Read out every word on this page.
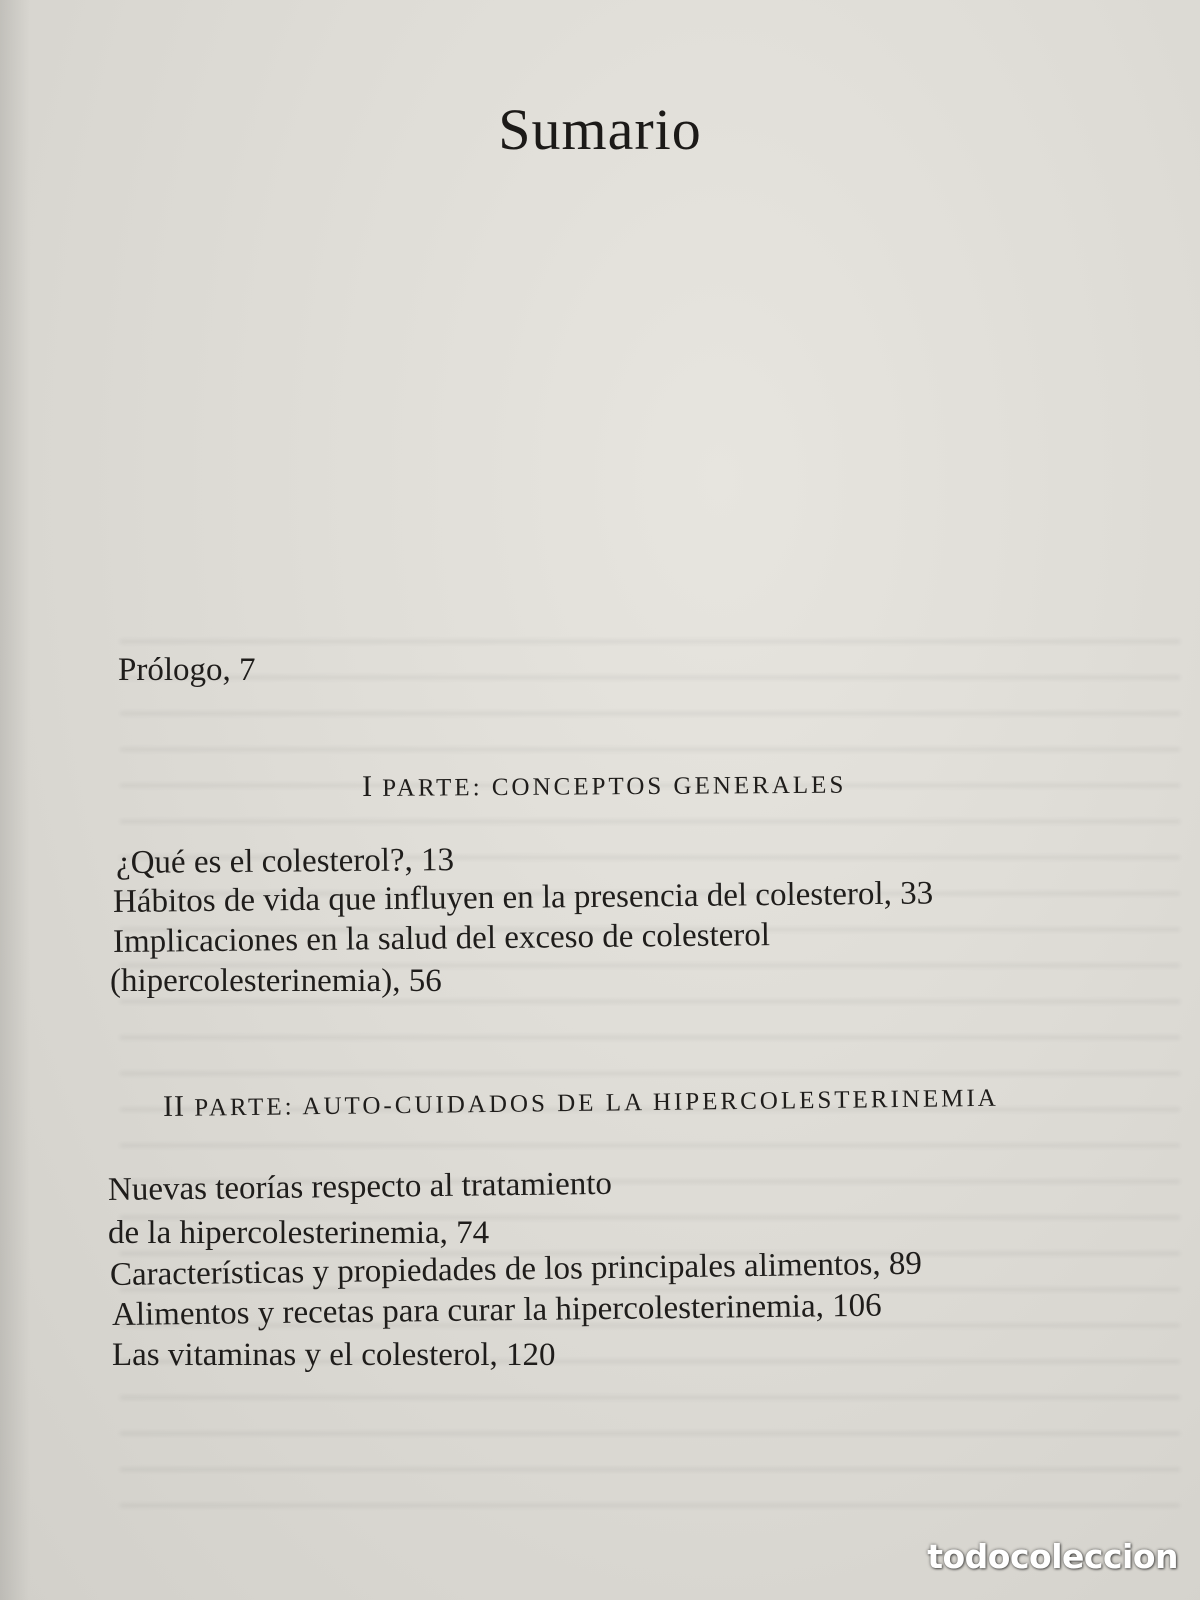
Sumario
Prólogo, 7
I PARTE: CONCEPTOS GENERALES
¿Qué es el colesterol?, 13
Hábitos de vida que influyen en la presencia del colesterol, 33
Implicaciones en la salud del exceso de colesterol
(hipercolesterinemia), 56
II PARTE: AUTO-CUIDADOS DE LA HIPERCOLESTERINEMIA
Nuevas teorías respecto al tratamiento
de la hipercolesterinemia, 74
Características y propiedades de los principales alimentos, 89
Alimentos y recetas para curar la hipercolesterinemia, 106
Las vitaminas y el colesterol, 120
todocoleccion
